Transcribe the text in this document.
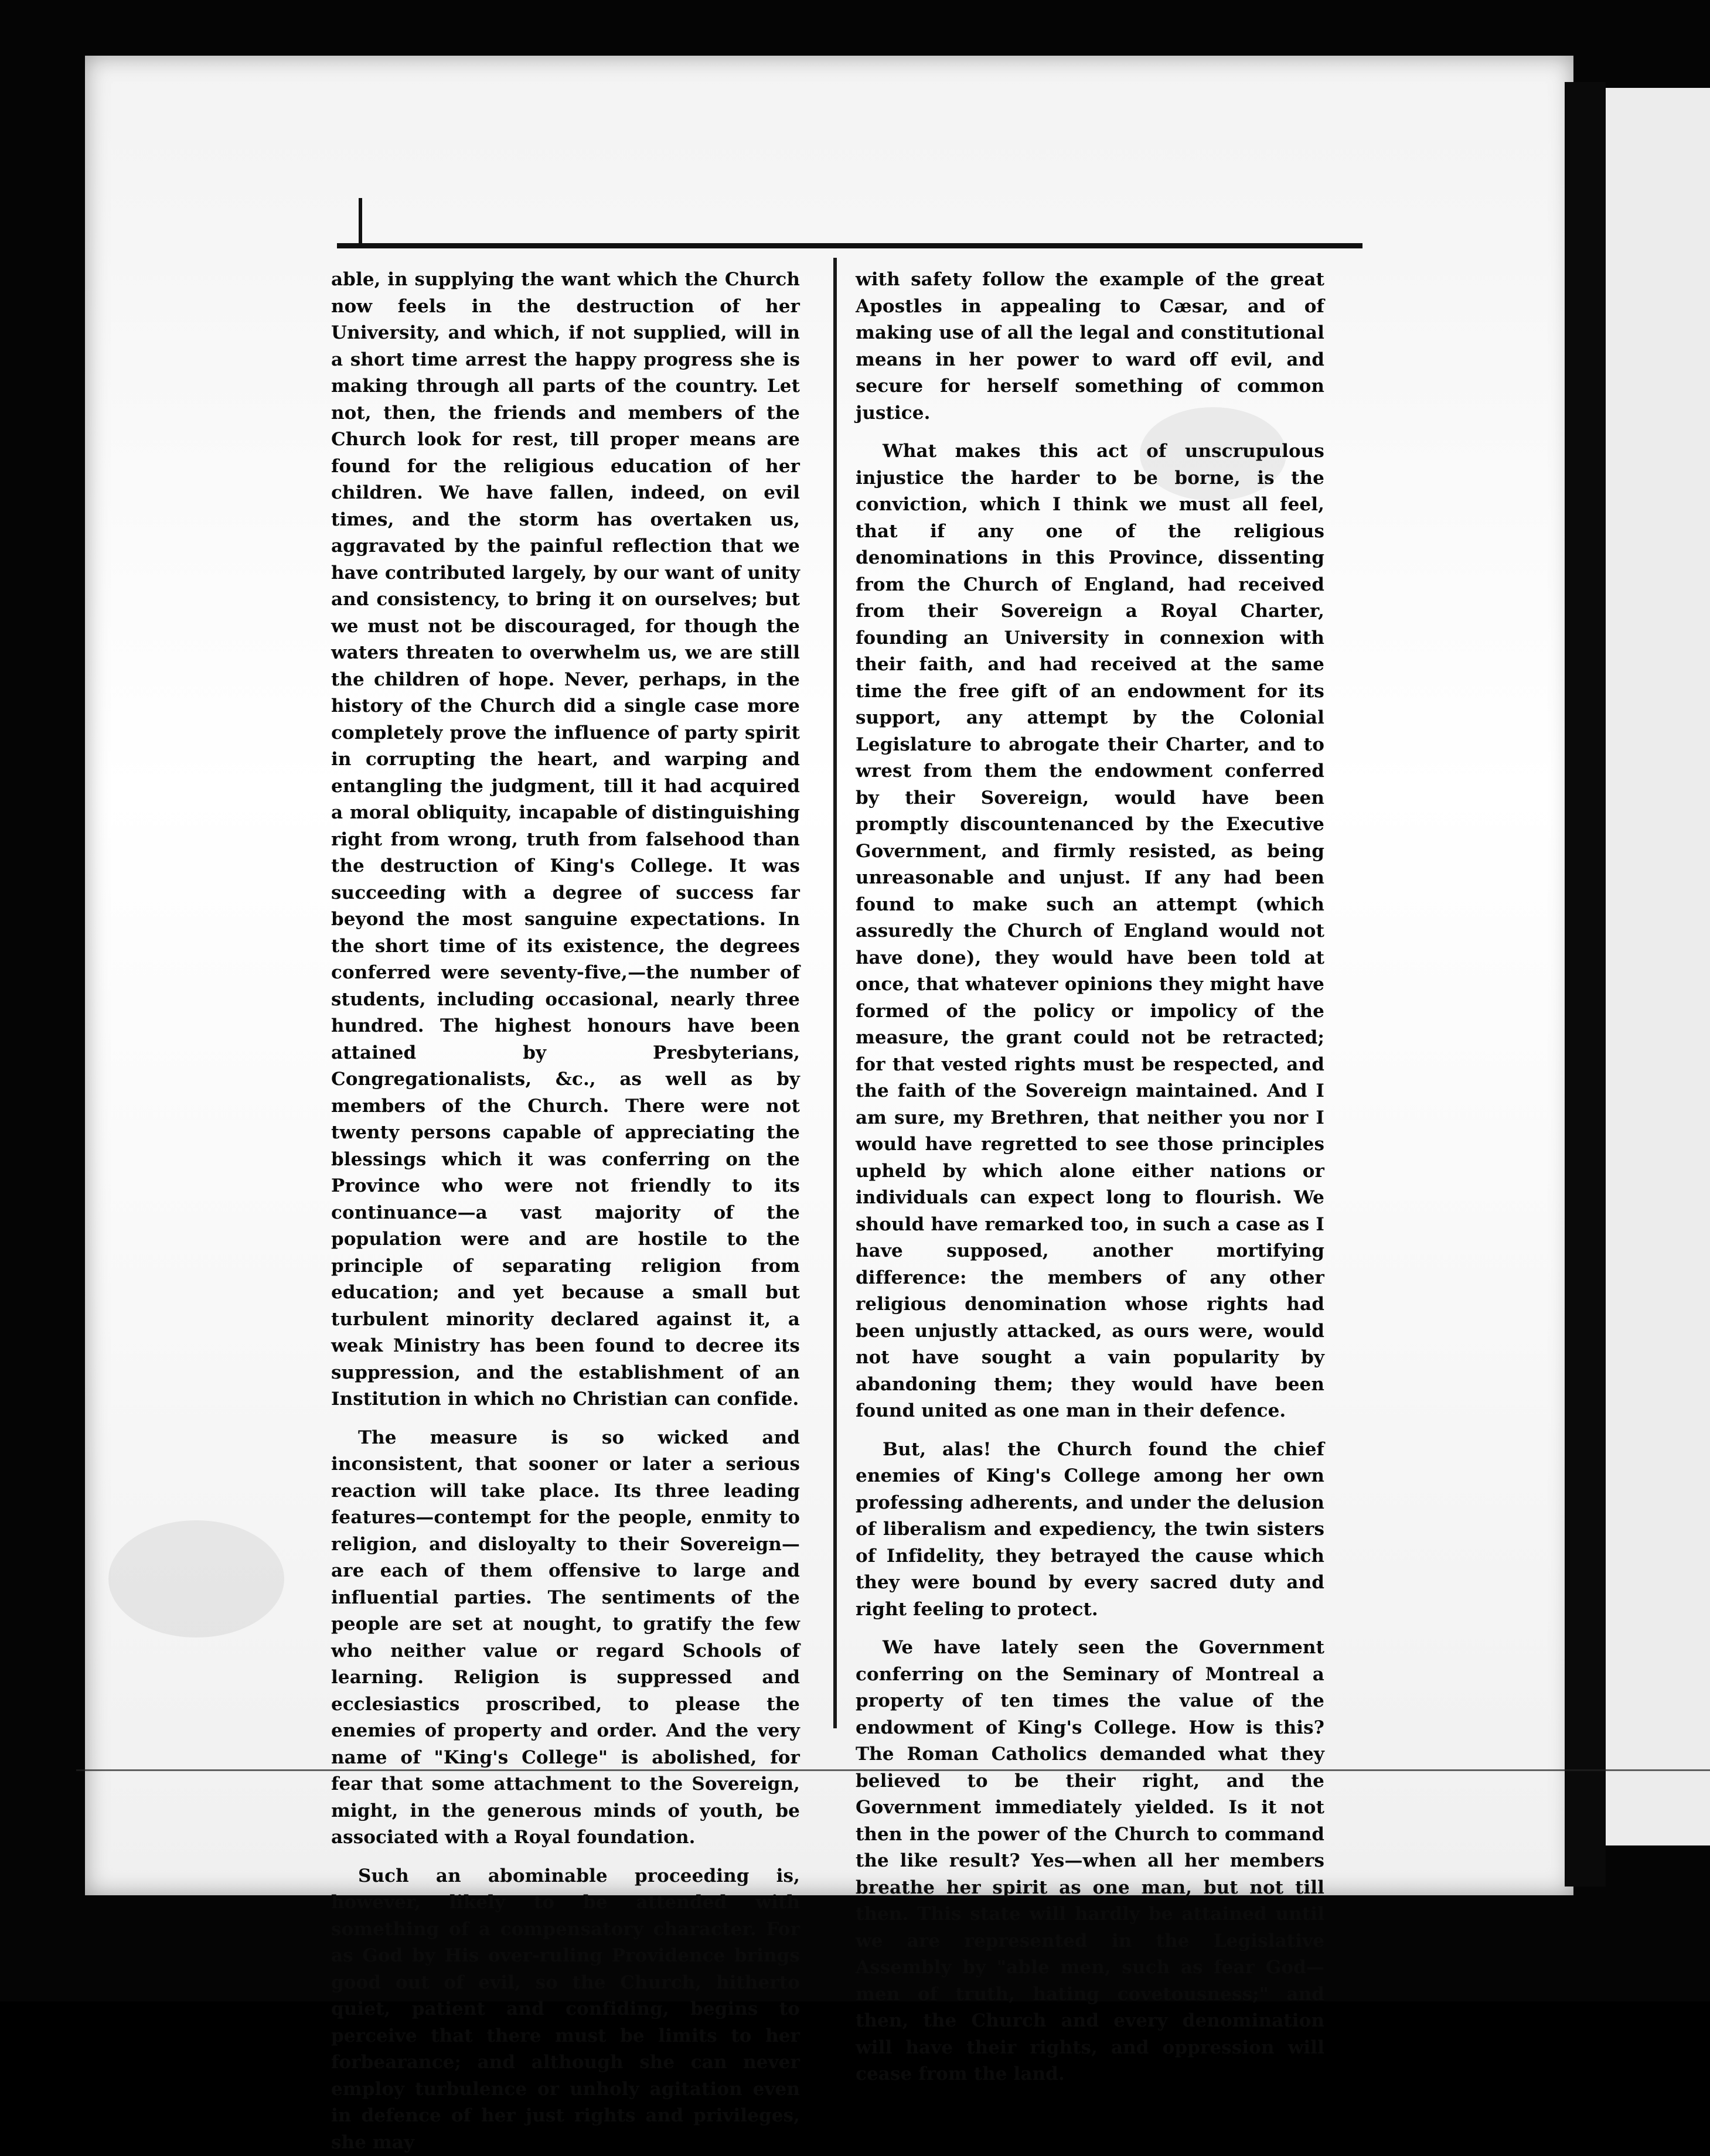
able, in supplying the want which the Church now feels in the destruction of her University, and which, if not supplied, will in a short time arrest the happy progress she is making through all parts of the country. Let not, then, the friends and members of the Church look for rest, till proper means are found for the religious education of her children. We have fallen, indeed, on evil times, and the storm has overtaken us, aggravated by the painful reflection that we have contributed largely, by our want of unity and consistency, to bring it on ourselves; but we must not be discouraged, for though the waters threaten to overwhelm us, we are still the children of hope. Never, perhaps, in the history of the Church did a single case more completely prove the influence of party spirit in corrupting the heart, and warping and entangling the judgment, till it had acquired a moral obliquity, incapable of distinguishing right from wrong, truth from falsehood than the destruction of King's College. It was succeeding with a degree of success far beyond the most sanguine expectations. In the short time of its existence, the degrees conferred were seventy-five,—the number of students, including occasional, nearly three hundred. The highest honours have been attained by Presbyterians, Congregationalists, &c., as well as by members of the Church. There were not twenty persons capable of appreciating the blessings which it was conferring on the Province who were not friendly to its continuance—a vast majority of the population were and are hostile to the principle of separating religion from education; and yet because a small but turbulent minority declared against it, a weak Ministry has been found to decree its suppression, and the establishment of an Institution in which no Christian can confide.

The measure is so wicked and inconsistent, that sooner or later a serious reaction will take place. Its three leading features—contempt for the people, enmity to religion, and disloyalty to their Sovereign—are each of them offensive to large and influential parties. The sentiments of the people are set at nought, to gratify the few who neither value or regard Schools of learning. Religion is suppressed and ecclesiastics proscribed, to please the enemies of property and order. And the very name of "King's College" is abolished, for fear that some attachment to the Sovereign, might, in the generous minds of youth, be associated with a Royal foundation.

Such an abominable proceeding is, however, likely to be attended with something of a compensatory character. For as God by His over-ruling Providence brings good out of evil, so the Church, hitherto quiet, patient and confiding, begins to perceive that there must be limits to her forbearance; and although she can never employ turbulence or unholy agitation even in defence of her just rights and privileges, she may

with safety follow the example of the great Apostles in appealing to Cæsar, and of making use of all the legal and constitutional means in her power to ward off evil, and secure for herself something of common justice.

What makes this act of unscrupulous injustice the harder to be borne, is the conviction, which I think we must all feel, that if any one of the religious denominations in this Province, dissenting from the Church of England, had received from their Sovereign a Royal Charter, founding an University in connexion with their faith, and had received at the same time the free gift of an endowment for its support, any attempt by the Colonial Legislature to abrogate their Charter, and to wrest from them the endowment conferred by their Sovereign, would have been promptly discountenanced by the Executive Government, and firmly resisted, as being unreasonable and unjust. If any had been found to make such an attempt (which assuredly the Church of England would not have done), they would have been told at once, that whatever opinions they might have formed of the policy or impolicy of the measure, the grant could not be retracted; for that vested rights must be respected, and the faith of the Sovereign maintained. And I am sure, my Brethren, that neither you nor I would have regretted to see those principles upheld by which alone either nations or individuals can expect long to flourish. We should have remarked too, in such a case as I have supposed, another mortifying difference: the members of any other religious denomination whose rights had been unjustly attacked, as ours were, would not have sought a vain popularity by abandoning them; they would have been found united as one man in their defence.

But, alas! the Church found the chief enemies of King's College among her own professing adherents, and under the delusion of liberalism and expediency, the twin sisters of Infidelity, they betrayed the cause which they were bound by every sacred duty and right feeling to protect.

We have lately seen the Government conferring on the Seminary of Montreal a property of ten times the value of the endowment of King's College. How is this? The Roman Catholics demanded what they believed to be their right, and the Government immediately yielded. Is it not then in the power of the Church to command the like result? Yes—when all her members breathe her spirit as one man, but not till then. This state will hardly be attained until we are represented in the Legislative Assembly by "able men, such as fear God—men of truth, hating covetousness;" and then, the Church and every denomination will have their rights, and oppression will cease from the land.
